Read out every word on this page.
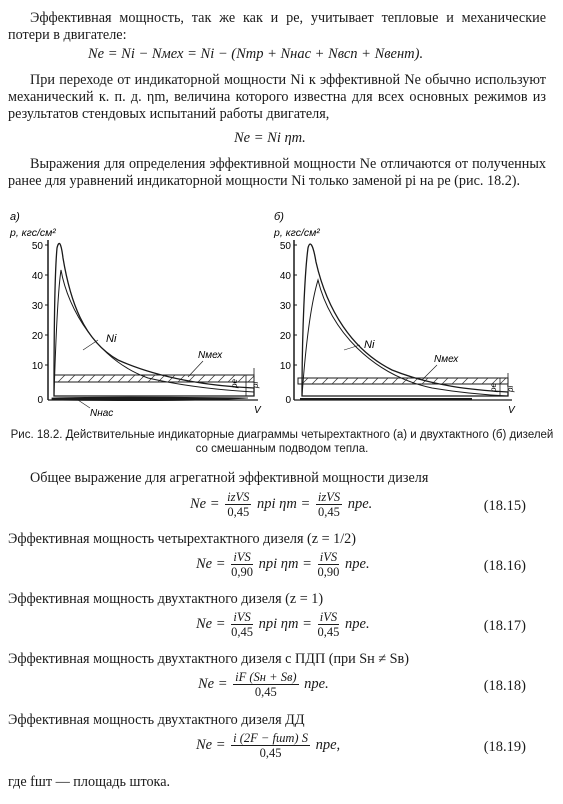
Эффективная мощность, так же как и pe, учитывает тепловые и механические потери в двигателе:
Ne = Ni − Nмех = Ni − (Nтр + Nнас + Nвсп + Nвент).
При переходе от индикаторной мощности Ni к эффективной Ne обычно используют механический к. п. д. ηm, величина которого известна для всех основных режимов из результатов стендовых испытаний работы двигателя,
Ne = Ni ηm.
Выражения для определения эффективной мощности Ne отличаются от полученных ранее для уравнений индикаторной мощности Ni только заменой pi на pe (рис. 18.2).
а)
p, кгс/см²
50
40
30
20
10
0
pe pi
V
Ni
Nмех
Nнас
б)
p, кгс/см²
50
40
30
20
10
0
pe pi
V
Ni
Nмех
Рис. 18.2. Действительные индикаторные диаграммы четырехтактного (а) и двухтактного (б) дизелей со смешанным подводом тепла.
Общее выражение для агрегатной эффективной мощности дизеля
$Ne = \frac{\text{izVS}}{0,45}$ npi $\eta m = \frac{\text{izVS}}{0,45}$ npe.	(18.15)
Эффективная мощность четырехтактного дизеля (z = 1/2)
$Ne = \frac{\text{iVS}}{0,90}$ npi $\eta m = \frac{\text{iVS}}{0,90}$ npe.	(18.16)
Эффективная мощность двухтактного дизеля (z = 1)
$Ne = \frac{\text{iVS}}{0,45}$ npi $\eta m = \frac{\text{iVS}}{0,45}$ npe.	(18.17)
Эффективная мощность двухтактного дизеля с ПДП (при Sн ≠ Sв)
$Ne = \frac{iF (Sн + Sв)}{0,45}$ npe.	(18.18)
Эффективная мощность двухтактного дизеля ДД
$Ne = \frac{\text{i (2F − fшт) S}}{0,45}$ npe,	(18.19)
где fшт — площадь штока.
